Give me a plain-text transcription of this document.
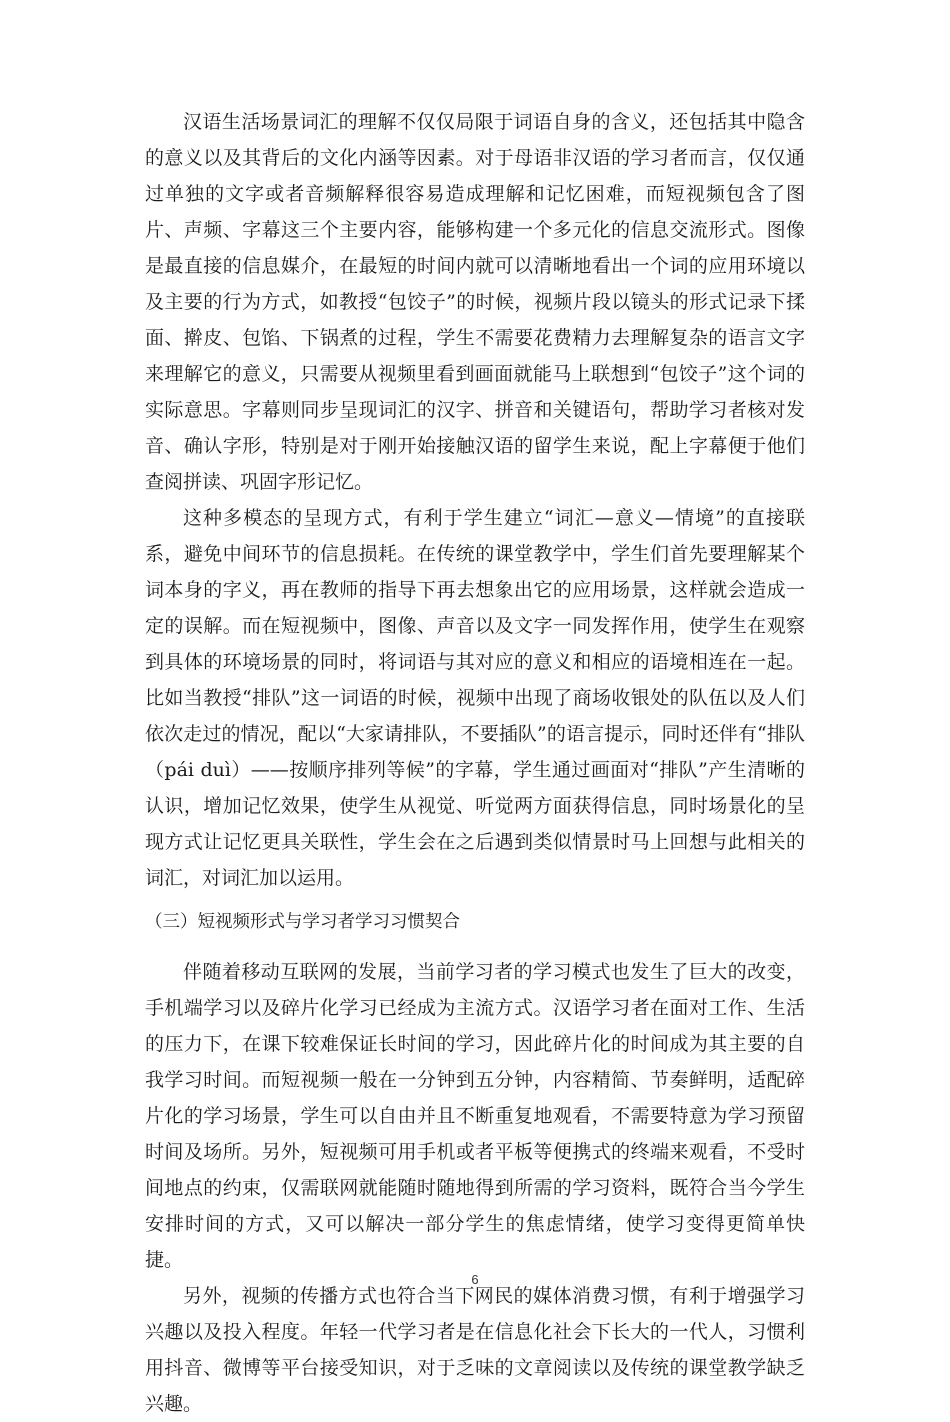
汉语生活场景词汇的理解不仅仅局限于词语自身的含义，还包括其中隐含的意义以及其背后的文化内涵等因素。对于母语非汉语的学习者而言，仅仅通过单独的文字或者音频解释很容易造成理解和记忆困难，而短视频包含了图片、声频、字幕这三个主要内容，能够构建一个多元化的信息交流形式。图像是最直接的信息媒介，在最短的时间内就可以清晰地看出一个词的应用环境以及主要的行为方式，如教授“包饺子”的时候，视频片段以镜头的形式记录下揉面、擀皮、包馅、下锅煮的过程，学生不需要花费精力去理解复杂的语言文字来理解它的意义，只需要从视频里看到画面就能马上联想到“包饺子”这个词的实际意思。字幕则同步呈现词汇的汉字、拼音和关键语句，帮助学习者核对发音、确认字形，特别是对于刚开始接触汉语的留学生来说，配上字幕便于他们查阅拼读、巩固字形记忆。

这种多模态的呈现方式，有利于学生建立“词汇—意义—情境”的直接联系，避免中间环节的信息损耗。在传统的课堂教学中，学生们首先要理解某个词本身的字义，再在教师的指导下再去想象出它的应用场景，这样就会造成一定的误解。而在短视频中，图像、声音以及文字一同发挥作用，使学生在观察到具体的环境场景的同时，将词语与其对应的意义和相应的语境相连在一起。比如当教授“排队”这一词语的时候，视频中出现了商场收银处的队伍以及人们依次走过的情况，配以“大家请排队，不要插队”的语言提示，同时还伴有“排队（pái duì）——按顺序排列等候”的字幕，学生通过画面对“排队”产生清晰的认识，增加记忆效果，使学生从视觉、听觉两方面获得信息，同时场景化的呈现方式让记忆更具关联性，学生会在之后遇到类似情景时马上回想与此相关的词汇，对词汇加以运用。

（三）短视频形式与学习者学习习惯契合

伴随着移动互联网的发展，当前学习者的学习模式也发生了巨大的改变，手机端学习以及碎片化学习已经成为主流方式。汉语学习者在面对工作、生活的压力下，在课下较难保证长时间的学习，因此碎片化的时间成为其主要的自我学习时间。而短视频一般在一分钟到五分钟，内容精简、节奏鲜明，适配碎片化的学习场景，学生可以自由并且不断重复地观看，不需要特意为学习预留时间及场所。另外，短视频可用手机或者平板等便携式的终端来观看，不受时间地点的约束，仅需联网就能随时随地得到所需的学习资料，既符合当今学生安排时间的方式，又可以解决一部分学生的焦虑情绪，使学习变得更简单快捷。

另外，视频的传播方式也符合当下网民的媒体消费习惯，有利于增强学习兴趣以及投入程度。年轻一代学习者是在信息化社会下长大的一代人，习惯利用抖音、微博等平台接受知识，对于乏味的文章阅读以及传统的课堂教学缺乏兴趣。

6
